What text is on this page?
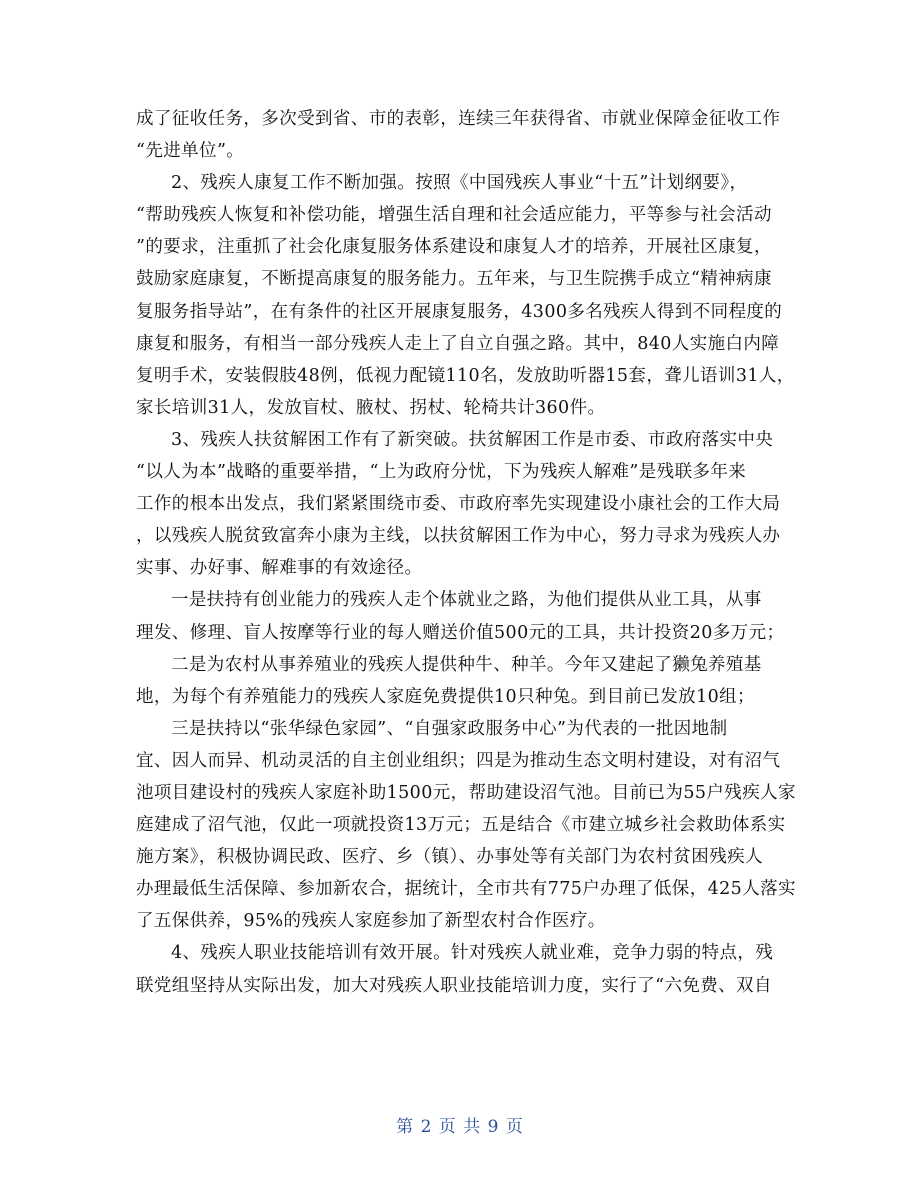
成了征收任务，多次受到省、市的表彰，连续三年获得省、市就业保障金征收工作
“先进单位”。
2、残疾人康复工作不断加强。按照《中国残疾人事业“十五”计划纲要》，
“帮助残疾人恢复和补偿功能，增强生活自理和社会适应能力，平等参与社会活动
”的要求，注重抓了社会化康复服务体系建设和康复人才的培养，开展社区康复，
鼓励家庭康复，不断提高康复的服务能力。五年来，与卫生院携手成立“精神病康
复服务指导站”，在有条件的社区开展康复服务，4300多名残疾人得到不同程度的
康复和服务，有相当一部分残疾人走上了自立自强之路。其中，840人实施白内障
复明手术，安装假肢48例，低视力配镜110名，发放助听器15套，聋儿语训31人，
家长培训31人，发放盲杖、腋杖、拐杖、轮椅共计360件。
3、残疾人扶贫解困工作有了新突破。扶贫解困工作是市委、市政府落实中央
“以人为本”战略的重要举措，“上为政府分忧，下为残疾人解难”是残联多年来
工作的根本出发点，我们紧紧围绕市委、市政府率先实现建设小康社会的工作大局
，以残疾人脱贫致富奔小康为主线，以扶贫解困工作为中心，努力寻求为残疾人办
实事、办好事、解难事的有效途径。
一是扶持有创业能力的残疾人走个体就业之路，为他们提供从业工具，从事
理发、修理、盲人按摩等行业的每人赠送价值500元的工具，共计投资20多万元；
二是为农村从事养殖业的残疾人提供种牛、种羊。今年又建起了獭兔养殖基
地，为每个有养殖能力的残疾人家庭免费提供10只种兔。到目前已发放10组；
三是扶持以“张华绿色家园”、“自强家政服务中心”为代表的一批因地制
宜、因人而异、机动灵活的自主创业组织；四是为推动生态文明村建设，对有沼气
池项目建设村的残疾人家庭补助1500元，帮助建设沼气池。目前已为55户残疾人家
庭建成了沼气池，仅此一项就投资13万元；五是结合《市建立城乡社会救助体系实
施方案》，积极协调民政、医疗、乡（镇）、办事处等有关部门为农村贫困残疾人
办理最低生活保障、参加新农合，据统计，全市共有775户办理了低保，425人落实
了五保供养，95%的残疾人家庭参加了新型农村合作医疗。
4、残疾人职业技能培训有效开展。针对残疾人就业难，竞争力弱的特点，残
联党组坚持从实际出发，加大对残疾人职业技能培训力度，实行了“六免费、双自
第 2 页 共 9 页
